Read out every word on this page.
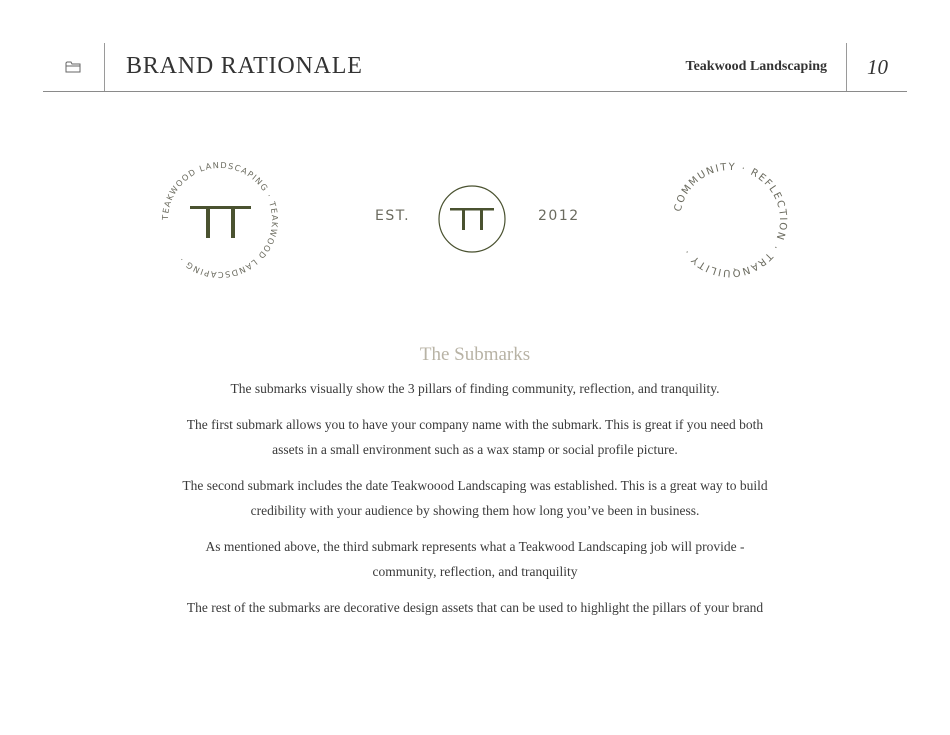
BRAND RATIONALE	Teakwood Landscaping 10
TEAKWOOD LANDSCAPING · TEAKWOOD LANDSCAPING ·
EST.	2012
COMMUNITY · REFLECTION · TRANQUILITY ·
The Submarks

The submarks visually show the 3 pillars of finding community, reflection, and tranquility.

The first submark allows you to have your company name with the submark. This is great if you need both assets in a small environment such as a wax stamp or social profile picture.

The second submark includes the date Teakwoood Landscaping was established. This is a great way to build credibility with your audience by showing them how long you’ve been in business.

As mentioned above, the third submark represents what a Teakwood Landscaping job will provide - community, reflection, and tranquility

The rest of the submarks are decorative design assets that can be used to highlight the pillars of your brand
